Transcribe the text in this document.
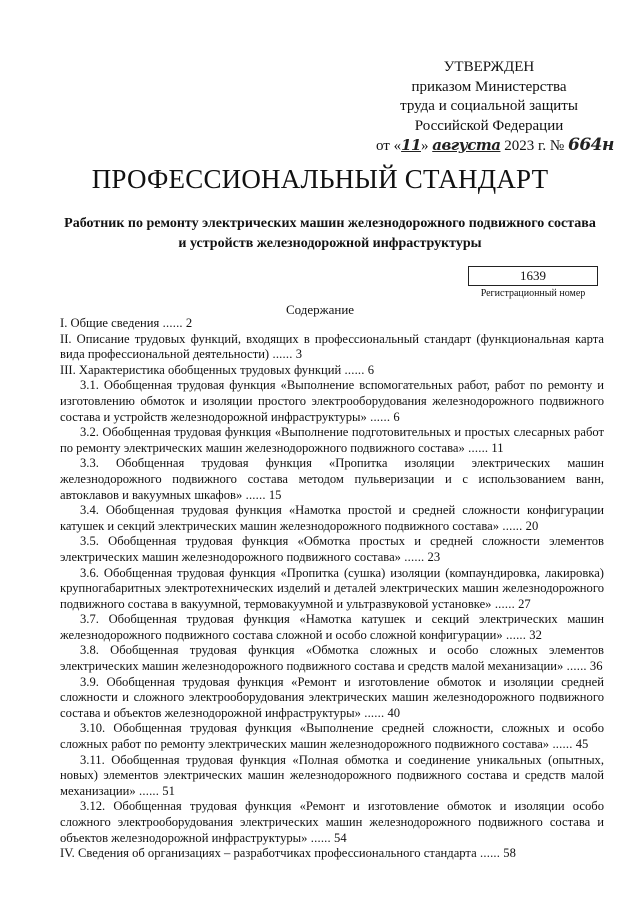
УТВЕРЖДЕН
приказом Министерства
труда и социальной защиты
Российской Федерации
от «11» августа 2023 г. № 664н
ПРОФЕССИОНАЛЬНЫЙ СТАНДАРТ
Работник по ремонту электрических машин железнодорожного подвижного состава и устройств железнодорожной инфраструктуры
1639
Регистрационный номер
Содержание
I. Общие сведения ...... 2
II. Описание трудовых функций, входящих в профессиональный стандарт (функциональная карта вида профессиональной деятельности) ...... 3
III. Характеристика обобщенных трудовых функций ...... 6
3.1. Обобщенная трудовая функция «Выполнение вспомогательных работ, работ по ремонту и изготовлению обмоток и изоляции простого электрооборудования железнодорожного подвижного состава и устройств железнодорожной инфраструктуры» ...... 6
3.2. Обобщенная трудовая функция «Выполнение подготовительных и простых слесарных работ по ремонту электрических машин железнодорожного подвижного состава» ...... 11
3.3. Обобщенная трудовая функция «Пропитка изоляции электрических машин железнодорожного подвижного состава методом пульверизации и с использованием ванн, автоклавов и вакуумных шкафов» ...... 15
3.4. Обобщенная трудовая функция «Намотка простой и средней сложности конфигурации катушек и секций электрических машин железнодорожного подвижного состава» ...... 20
3.5. Обобщенная трудовая функция «Обмотка простых и средней сложности элементов электрических машин железнодорожного подвижного состава» ...... 23
3.6. Обобщенная трудовая функция «Пропитка (сушка) изоляции (компаундировка, лакировка) крупногабаритных электротехнических изделий и деталей электрических машин железнодорожного подвижного состава в вакуумной, термовакуумной и ультразвуковой установке» ...... 27
3.7. Обобщенная трудовая функция «Намотка катушек и секций электрических машин железнодорожного подвижного состава сложной и особо сложной конфигурации» ...... 32
3.8. Обобщенная трудовая функция «Обмотка сложных и особо сложных элементов электрических машин железнодорожного подвижного состава и средств малой механизации» ...... 36
3.9. Обобщенная трудовая функция «Ремонт и изготовление обмоток и изоляции средней сложности и сложного электрооборудования электрических машин железнодорожного подвижного состава и объектов железнодорожной инфраструктуры» ...... 40
3.10. Обобщенная трудовая функция «Выполнение средней сложности, сложных и особо сложных работ по ремонту электрических машин железнодорожного подвижного состава» ...... 45
3.11. Обобщенная трудовая функция «Полная обмотка и соединение уникальных (опытных, новых) элементов электрических машин железнодорожного подвижного состава и средств малой механизации» ...... 51
3.12. Обобщенная трудовая функция «Ремонт и изготовление обмоток и изоляции особо сложного электрооборудования электрических машин железнодорожного подвижного состава и объектов железнодорожной инфраструктуры» ...... 54
IV. Сведения об организациях – разработчиках профессионального стандарта ...... 58
